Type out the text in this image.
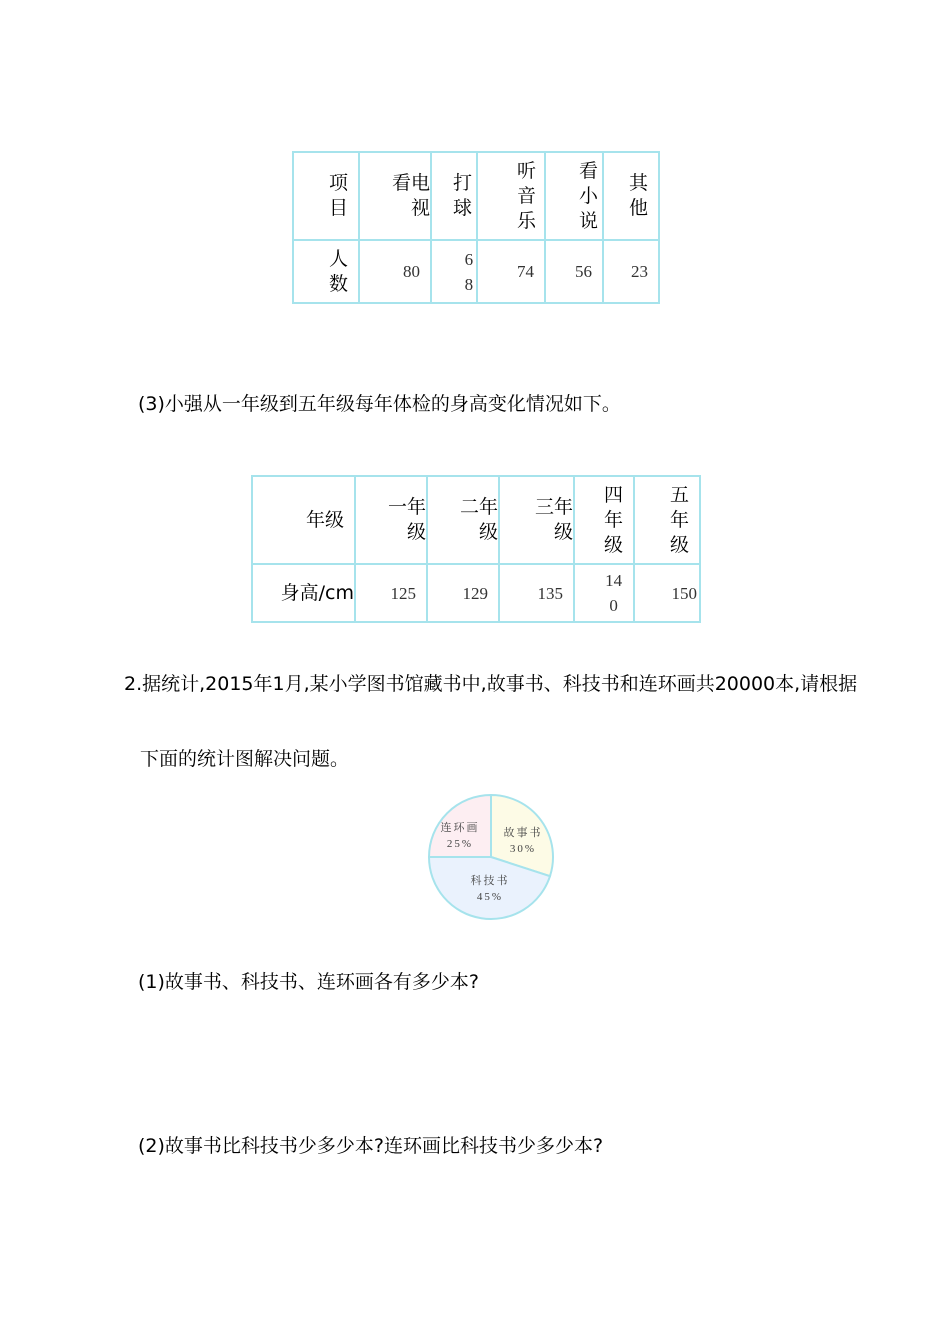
项目	看电视	打球	听音乐	看小说	其他
人数	80	68	74	56	23
(3)小强从一年级到五年级每年体检的身高变化情况如下。
年级	一年级	二年级	三年级	四年级	五年级
身高/cm	125	129	135	140	150
2.据统计,2015年1月,某小学图书馆藏书中,故事书、科技书和连环画共20000本,请根据
下面的统计图解决问题。
故事书
30%
科技书
45%
连环画
25%
(1)故事书、科技书、连环画各有多少本?
(2)故事书比科技书少多少本?连环画比科技书少多少本?
